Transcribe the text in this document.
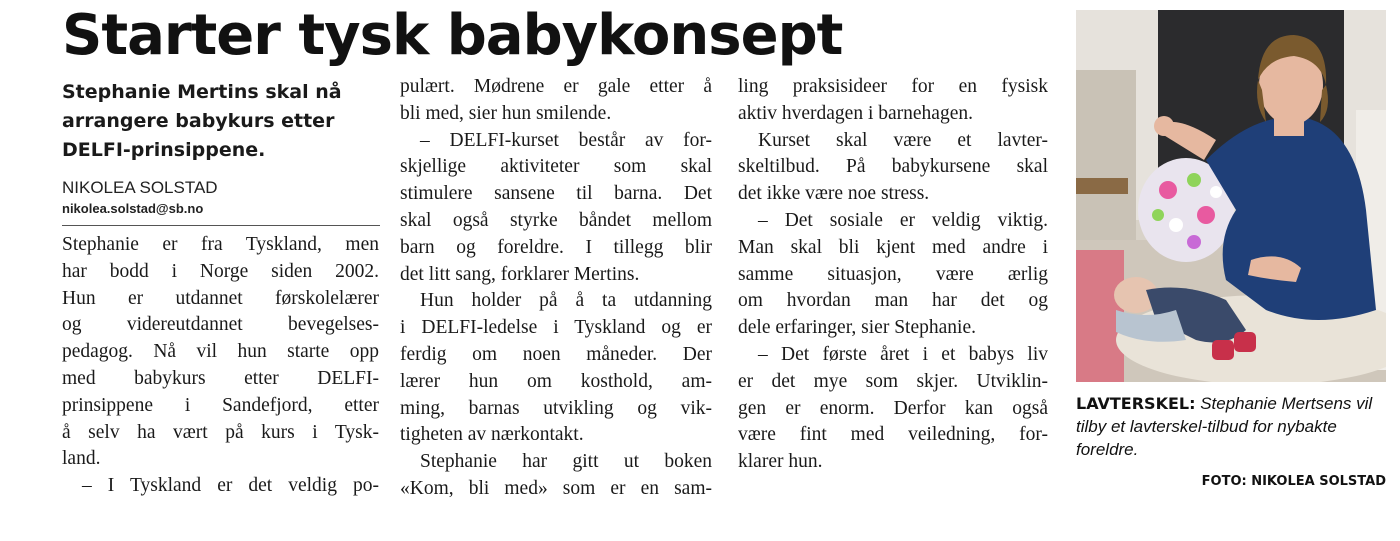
Starter tysk babykonsept

Stephanie Mertins skal nå arrangere babykurs etter DELFI-prinsippene.

NIKOLEA SOLSTAD
nikolea.solstad@sb.no

Stephanie er fra Tyskland, men

har bodd i Norge siden 2002.

Hun er utdannet førskolelærer

og videreutdannet bevegelses-

pedagog. Nå vil hun starte opp

med babykurs etter DELFI-

prinsippene i Sandefjord, etter

å selv ha vært på kurs i Tysk-

land.

– I Tyskland er det veldig po-

pulært. Mødrene er gale etter å

bli med, sier hun smilende.

– DELFI-kurset består av for-

skjellige aktiviteter som skal

stimulere sansene til barna. Det

skal også styrke båndet mellom

barn og foreldre. I tillegg blir

det litt sang, forklarer Mertins.

Hun holder på å ta utdanning

i DELFI-ledelse i Tyskland og er

ferdig om noen måneder. Der

lærer hun om kosthold, am-

ming, barnas utvikling og vik-

tigheten av nærkontakt.

Stephanie har gitt ut boken

«Kom, bli med» som er en sam-

ling praksisideer for en fysisk

aktiv hverdagen i barnehagen.

Kurset skal være et lavter-

skeltilbud. På babykursene skal

det ikke være noe stress.

– Det sosiale er veldig viktig.

Man skal bli kjent med andre i

samme situasjon, være ærlig

om hvordan man har det og

dele erfaringer, sier Stephanie.

– Det første året i et babys liv

er det mye som skjer. Utviklin-

gen er enorm. Derfor kan også

være fint med veiledning, for-

klarer hun.

LAVTERSKEL: Stephanie Mertsens vil tilby et lavterskel-tilbud for nybakte foreldre.
FOTO: NIKOLEA SOLSTAD
